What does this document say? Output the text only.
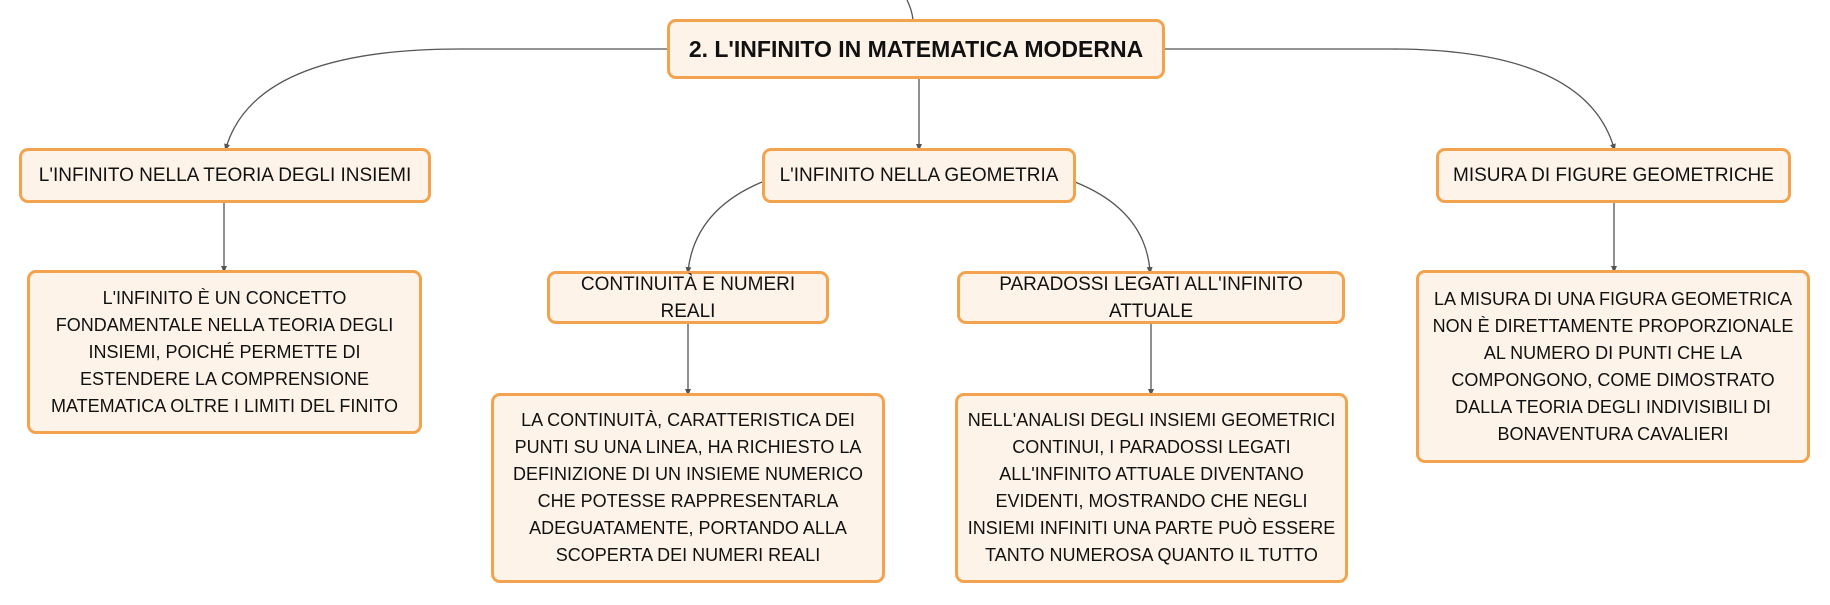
2. L'INFINITO IN MATEMATICA MODERNA
L'INFINITO NELLA TEORIA DEGLI INSIEMI	L'INFINITO NELLA GEOMETRIA	MISURA DI FIGURE GEOMETRICHE
CONTINUITÀ E NUMERI REALI
PARADOSSI LEGATI ALL'INFINITO ATTUALE
L'INFINITO È UN CONCETTO FONDAMENTALE NELLA TEORIA DEGLI INSIEMI, POICHÉ PERMETTE DI ESTENDERE LA COMPRENSIONE MATEMATICA OLTRE I LIMITI DEL FINITO
LA CONTINUITÀ, CARATTERISTICA DEI PUNTI SU UNA LINEA, HA RICHIESTO LA DEFINIZIONE DI UN INSIEME NUMERICO CHE POTESSE RAPPRESENTARLA ADEGUATAMENTE, PORTANDO ALLA SCOPERTA DEI NUMERI REALI
NELL'ANALISI DEGLI INSIEMI GEOMETRICI CONTINUI, I PARADOSSI LEGATI ALL'INFINITO ATTUALE DIVENTANO EVIDENTI, MOSTRANDO CHE NEGLI INSIEMI INFINITI UNA PARTE PUÒ ESSERE TANTO NUMEROSA QUANTO IL TUTTO
LA MISURA DI UNA FIGURA GEOMETRICA NON È DIRETTAMENTE PROPORZIONALE AL NUMERO DI PUNTI CHE LA COMPONGONO, COME DIMOSTRATO DALLA TEORIA DEGLI INDIVISIBILI DI BONAVENTURA CAVALIERI
